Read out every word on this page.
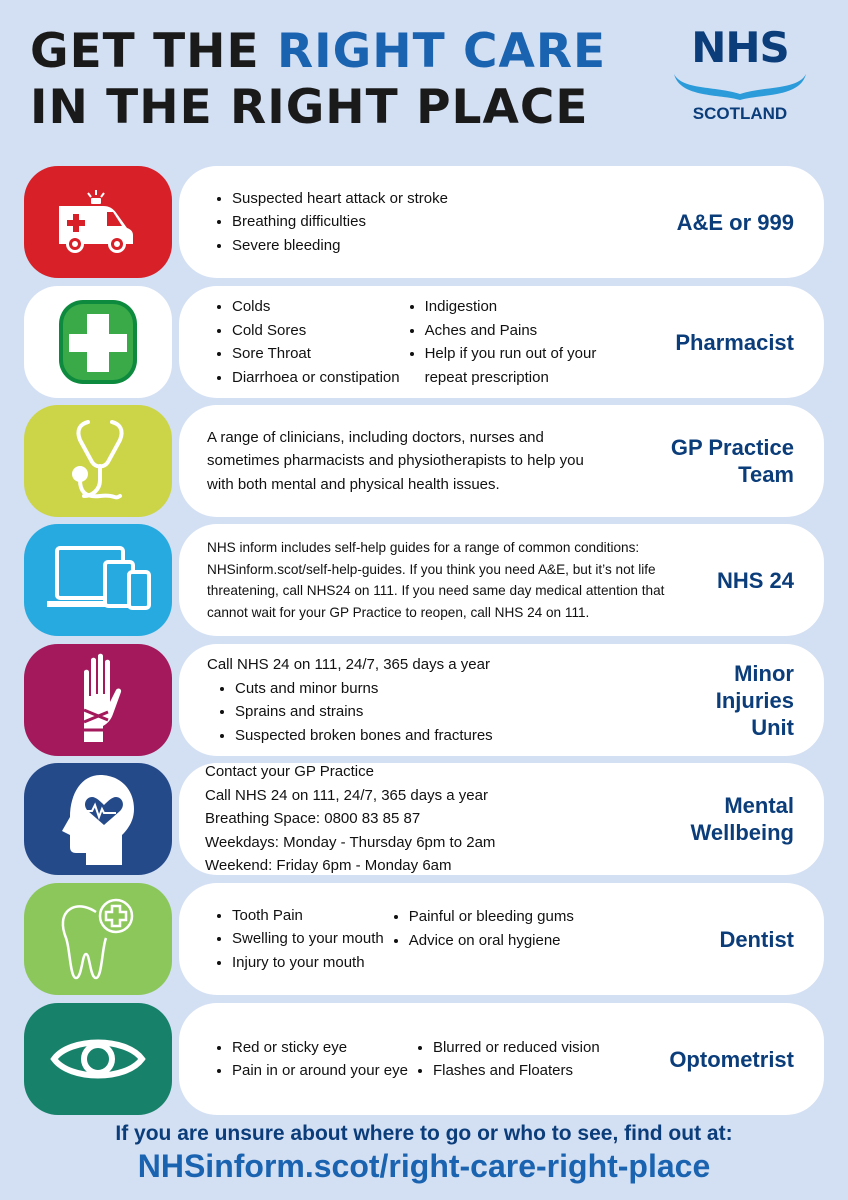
GET THE RIGHT CARE
IN THE RIGHT PLACE
NHS
SCOTLAND
• Suspected heart attack or stroke
• Breathing difficulties
• Severe bleeding
A&E or 999
• Colds
• Cold Sores
• Sore Throat
• Diarrhoea or constipation
• Indigestion
• Aches and Pains
• Help if you run out of your repeat prescription
Pharmacist
A range of clinicians, including doctors, nurses and sometimes pharmacists and physiotherapists to help you with both mental and physical health issues.
GP Practice
Team
NHS inform includes self-help guides for a range of common conditions: NHSinform.scot/self-help-guides. If you think you need A&E, but it’s not life threatening, call NHS24 on 111. If you need same day medical attention that cannot wait for your GP Practice to reopen, call NHS 24 on 111.
NHS 24
Call NHS 24 on 111, 24/7, 365 days a year
• Cuts and minor burns
• Sprains and strains
• Suspected broken bones and fractures
Minor
Injuries
Unit
Contact your GP Practice
Call NHS 24 on 111, 24/7, 365 days a year
Breathing Space: 0800 83 85 87
Weekdays: Monday - Thursday 6pm to 2am
Weekend: Friday 6pm - Monday 6am
Mental
Wellbeing
• Tooth Pain
• Swelling to your mouth
• Injury to your mouth
• Painful or bleeding gums
• Advice on oral hygiene	Dentist
• Red or sticky eye
• Pain in or around your eye
• Blurred or reduced vision
• Flashes and Floaters	Optometrist
If you are unsure about where to go or who to see, find out at:
NHSinform.scot/right-care-right-place
